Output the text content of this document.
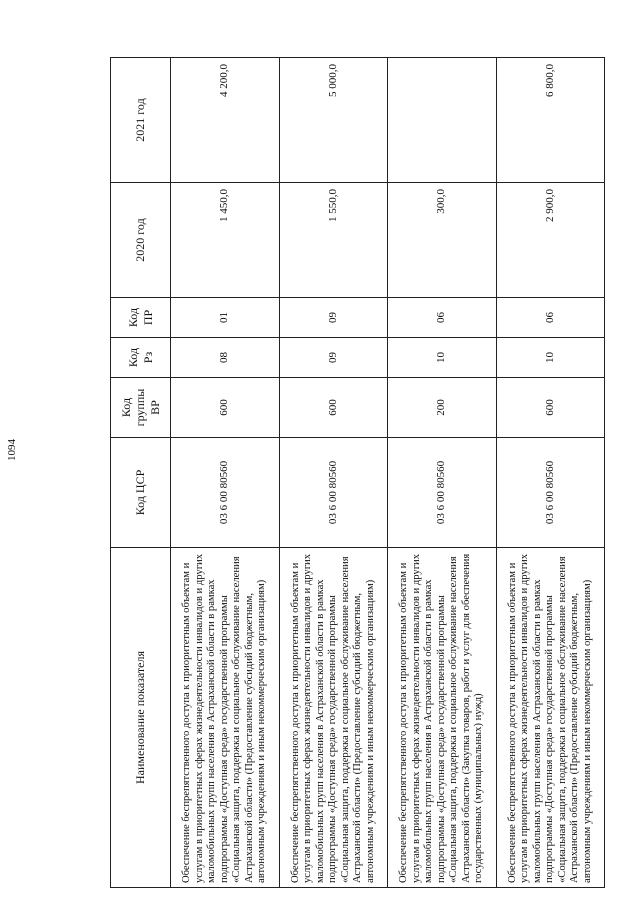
1094
Наименование показателя	Код ЦСР	Код группы ВР	Код Рз	Код ПР	2020 год	2021 год
Обеспечение беспрепятственного доступа к приоритетным объектам и услугам в приоритетных сферах жизнедеятельности инвалидов и других маломобильных групп населения в Астраханской области в рамках подпрограммы «Доступная среда» государственной программы «Социальная защита, поддержка и социальное обслуживание населения Астраханской области» (Предоставление субсидий бюджетным, автономным учреждениям и иным некоммерческим организациям)	03 6 00 80560	600	08	01	1 450,0	4 200,0
Обеспечение беспрепятственного доступа к приоритетным объектам и услугам в приоритетных сферах жизнедеятельности инвалидов и других маломобильных групп населения в Астраханской области в рамках подпрограммы «Доступная среда» государственной программы «Социальная защита, поддержка и социальное обслуживание населения Астраханской области» (Предоставление субсидий бюджетным, автономным учреждениям и иным некоммерческим организациям)	03 6 00 80560	600	09	09	1 550,0	5 000,0
Обеспечение беспрепятственного доступа к приоритетным объектам и услугам в приоритетных сферах жизнедеятельности инвалидов и других маломобильных групп населения в Астраханской области в рамках подпрограммы «Доступная среда» государственной программы «Социальная защита, поддержка и социальное обслуживание населения Астраханской области» (Закупка товаров, работ и услуг для обеспечения государственных (муниципальных) нужд)	03 6 00 80560	200	10	06	300,0	
Обеспечение беспрепятственного доступа к приоритетным объектам и услугам в приоритетных сферах жизнедеятельности инвалидов и других маломобильных групп населения в Астраханской области в рамках подпрограммы «Доступная среда» государственной программы «Социальная защита, поддержка и социальное обслуживание населения Астраханской области» (Предоставление субсидий бюджетным, автономным учреждениям и иным некоммерческим организациям)	03 6 00 80560	600	10	06	2 900,0	6 800,0
